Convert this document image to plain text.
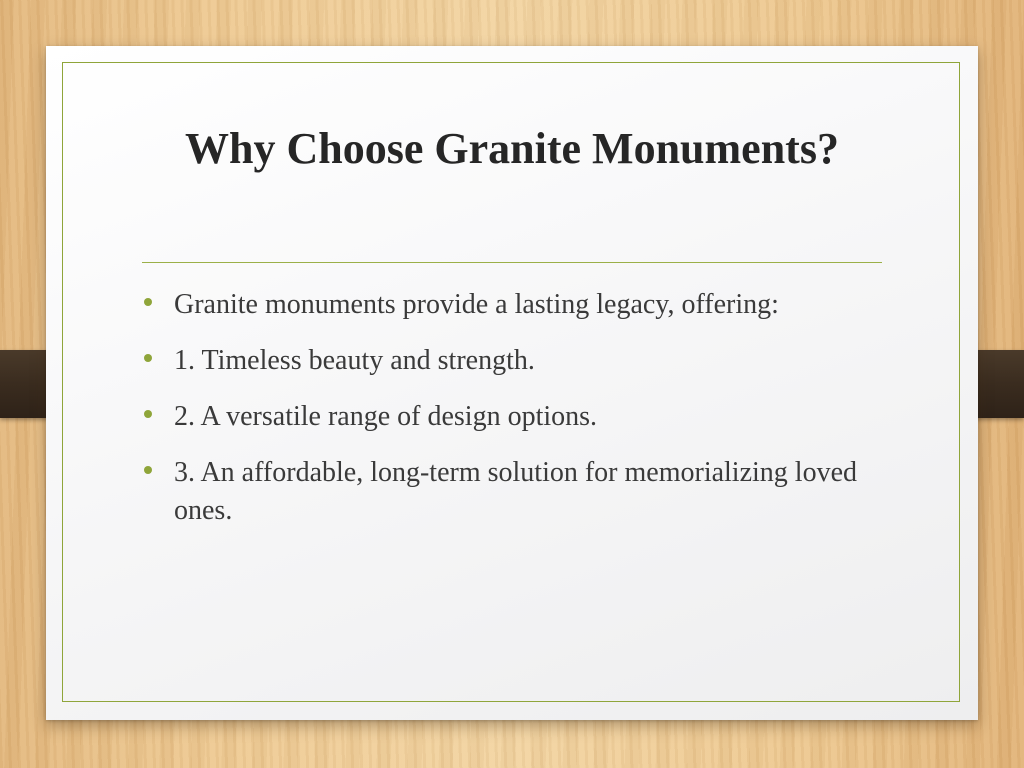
Why Choose Granite Monuments?
Granite monuments provide a lasting legacy, offering:
1. Timeless beauty and strength.
2. A versatile range of design options.
3. An affordable, long-term solution for memorializing loved ones.
